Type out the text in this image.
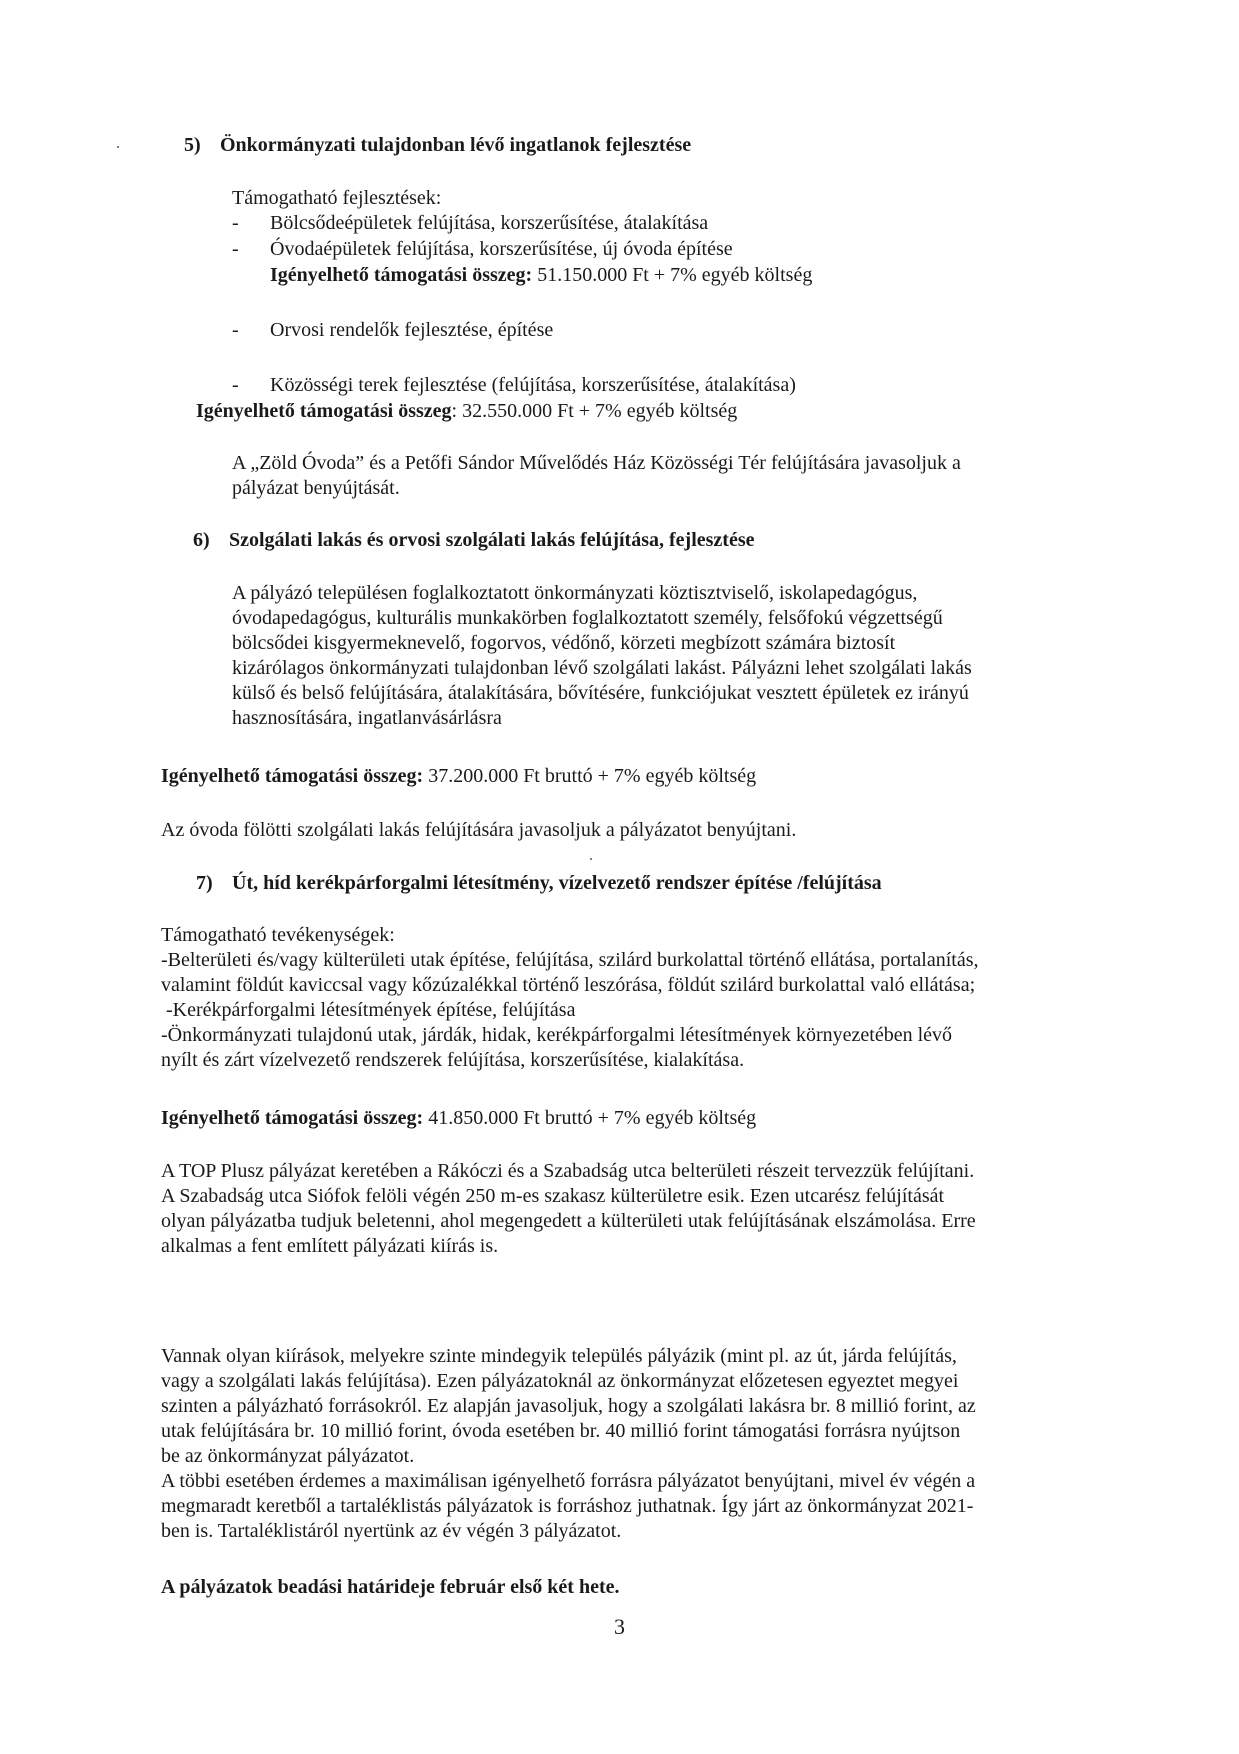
5) Önkormányzati tulajdonban lévő ingatlanok fejlesztése
Támogatható fejlesztések:
- Bölcsődeépületek felújítása, korszerűsítése, átalakítása
- Óvodaépületek felújítása, korszerűsítése, új óvoda építése
Igényelhető támogatási összeg: 51.150.000 Ft + 7% egyéb költség
- Orvosi rendelők fejlesztése, építése
- Közösségi terek fejlesztése (felújítása, korszerűsítése, átalakítása)
Igényelhető támogatási összeg: 32.550.000 Ft + 7% egyéb költség
A „Zöld Óvoda” és a Petőfi Sándor Művelődés Ház Közösségi Tér felújítására javasoljuk a
pályázat benyújtását.
6) Szolgálati lakás és orvosi szolgálati lakás felújítása, fejlesztése
A pályázó településen foglalkoztatott önkormányzati köztisztviselő, iskolapedagógus,
óvodapedagógus, kulturális munkakörben foglalkoztatott személy, felsőfokú végzettségű
bölcsődei kisgyermeknevelő, fogorvos, védőnő, körzeti megbízott számára biztosít
kizárólagos önkormányzati tulajdonban lévő szolgálati lakást. Pályázni lehet szolgálati lakás
külső és belső felújítására, átalakítására, bővítésére, funkciójukat vesztett épületek ez irányú
hasznosítására, ingatlanvásárlásra
Igényelhető támogatási összeg: 37.200.000 Ft bruttó + 7% egyéb költség
Az óvoda fölötti szolgálati lakás felújítására javasoljuk a pályázatot benyújtani.
7) Út, híd kerékpárforgalmi létesítmény, vízelvezető rendszer építése /felújítása
Támogatható tevékenységek:
-Belterületi és/vagy külterületi utak építése, felújítása, szilárd burkolattal történő ellátása, portalanítás,
valamint földút kaviccsal vagy kőzúzalékkal történő leszórása, földút szilárd burkolattal való ellátása;
-Kerékpárforgalmi létesítmények építése, felújítása
-Önkormányzati tulajdonú utak, járdák, hidak, kerékpárforgalmi létesítmények környezetében lévő
nyílt és zárt vízelvezető rendszerek felújítása, korszerűsítése, kialakítása.
Igényelhető támogatási összeg: 41.850.000 Ft bruttó + 7% egyéb költség
A TOP Plusz pályázat keretében a Rákóczi és a Szabadság utca belterületi részeit tervezzük felújítani.
A Szabadság utca Siófok felöli végén 250 m-es szakasz külterületre esik. Ezen utcarész felújítását
olyan pályázatba tudjuk beletenni, ahol megengedett a külterületi utak felújításának elszámolása. Erre
alkalmas a fent említett pályázati kiírás is.
Vannak olyan kiírások, melyekre szinte mindegyik település pályázik (mint pl. az út, járda felújítás,
vagy a szolgálati lakás felújítása). Ezen pályázatoknál az önkormányzat előzetesen egyeztet megyei
szinten a pályázható forrásokról. Ez alapján javasoljuk, hogy a szolgálati lakásra br. 8 millió forint, az
utak felújítására br. 10 millió forint, óvoda esetében br. 40 millió forint támogatási forrásra nyújtson
be az önkormányzat pályázatot.
A többi esetében érdemes a maximálisan igényelhető forrásra pályázatot benyújtani, mivel év végén a
megmaradt keretből a tartaléklistás pályázatok is forráshoz juthatnak. Így járt az önkormányzat 2021-
ben is. Tartaléklistáról nyertünk az év végén 3 pályázatot.
A pályázatok beadási határideje február első két hete.
3
